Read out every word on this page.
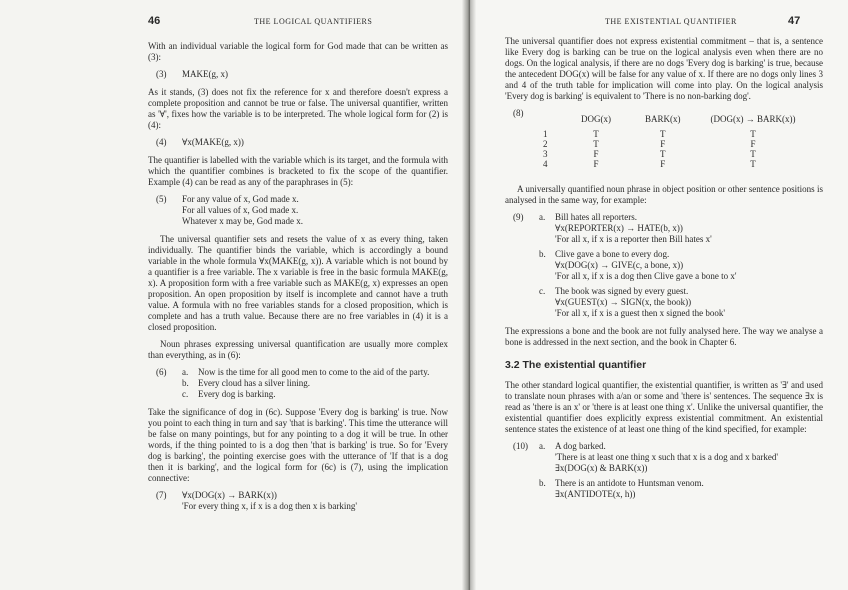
46	THE LOGICAL QUANTIFIERS

With an individual variable the logical form for God made that can be written as (3):

(3)	MAKE(g, x)

As it stands, (3) does not fix the reference for x and therefore doesn't express a complete proposition and cannot be true or false. The universal quantifier, written as '∀', fixes how the variable is to be interpreted. The whole logical form for (2) is (4):

(4)	∀x(MAKE(g, x))

The quantifier is labelled with the variable which is its target, and the formula with which the quantifier combines is bracketed to fix the scope of the quantifier. Example (4) can be read as any of the paraphrases in (5):

(5)	For any value of x, God made x.
For all values of x, God made x.
Whatever x may be, God made x.

The universal quantifier sets and resets the value of x as every thing, taken individually. The quantifier binds the variable, which is accordingly a bound variable in the whole formula ∀x(MAKE(g, x)). A variable which is not bound by a quantifier is a free variable. The x variable is free in the basic formula MAKE(g, x). A proposition form with a free variable such as MAKE(g, x) expresses an open proposition. An open proposition by itself is incomplete and cannot have a truth value. A formula with no free variables stands for a closed proposition, which is complete and has a truth value. Because there are no free variables in (4) it is a closed proposition.

Noun phrases expressing universal quantification are usually more complex than everything, as in (6):

(6)	a.	Now is the time for all good men to come to the aid of the party.
b.	Every cloud has a silver lining.
c.	Every dog is barking.

Take the significance of dog in (6c). Suppose 'Every dog is barking' is true. Now you point to each thing in turn and say 'that is barking'. This time the utterance will be false on many pointings, but for any pointing to a dog it will be true. In other words, if the thing pointed to is a dog then 'that is barking' is true. So for 'Every dog is barking', the pointing exercise goes with the utterance of 'If that is a dog then it is barking', and the logical form for (6c) is (7), using the implication connective:

(7)	∀x(DOG(x) → BARK(x))
'For every thing x, if x is a dog then x is barking'
THE EXISTENTIAL QUANTIFIER	47

The universal quantifier does not express existential commitment – that is, a sentence like Every dog is barking can be true on the logical analysis even when there are no dogs. On the logical analysis, if there are no dogs 'Every dog is barking' is true, because the antecedent DOG(x) will be false for any value of x. If there are no dogs only lines 3 and 4 of the truth table for implication will come into play. On the logical analysis 'Every dog is barking' is equivalent to 'There is no non-barking dog'.

(8)
	DOG(x)	BARK(x)	(DOG(x) → BARK(x))
1	T	T	T
2	T	F	F
3	F	T	T
4	F	F	T

A universally quantified noun phrase in object position or other sentence positions is analysed in the same way, for example:

(9)	a.	Bill hates all reporters.
∀x(REPORTER(x) → HATE(b, x))
'For all x, if x is a reporter then Bill hates x'
b.	Clive gave a bone to every dog.
∀x(DOG(x) → GIVE(c, a bone, x))
'For all x, if x is a dog then Clive gave a bone to x'
c.	The book was signed by every guest.
∀x(GUEST(x) → SIGN(x, the book))
'For all x, if x is a guest then x signed the book'

The expressions a bone and the book are not fully analysed here. The way we analyse a bone is addressed in the next section, and the book in Chapter 6.

3.2 The existential quantifier

The other standard logical quantifier, the existential quantifier, is written as '∃' and used to translate noun phrases with a/an or some and 'there is' sentences. The sequence ∃x is read as 'there is an x' or 'there is at least one thing x'. Unlike the universal quantifier, the existential quantifier does explicitly express existential commitment. An existential sentence states the existence of at least one thing of the kind specified, for example:

(10)	a.	A dog barked.
'There is at least one thing x such that x is a dog and x barked'
∃x(DOG(x) & BARK(x))
b.	There is an antidote to Huntsman venom.
∃x(ANTIDOTE(x, h))
